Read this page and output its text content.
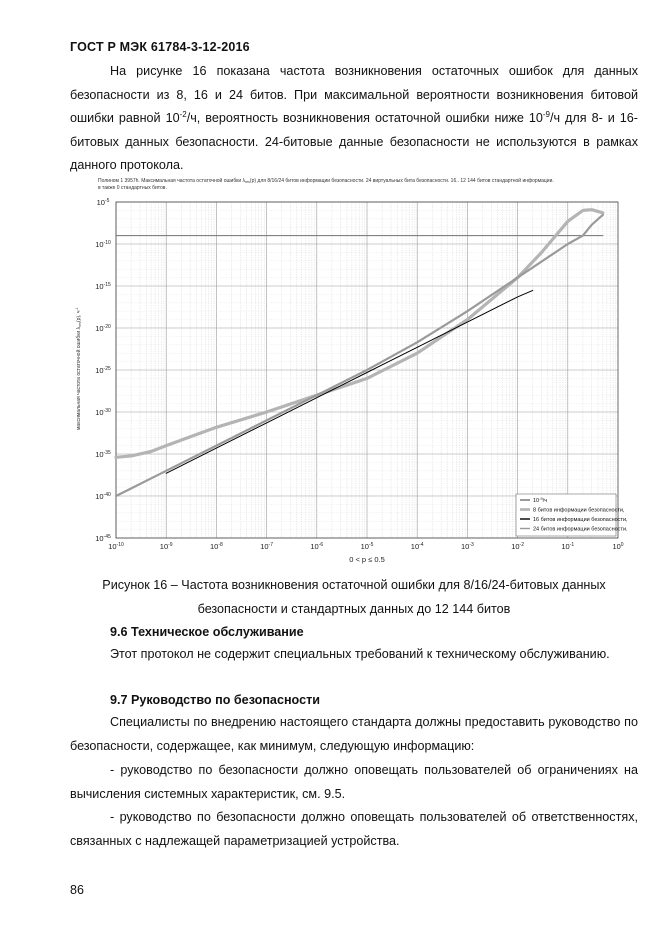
ГОСТ Р МЭК 61784-3-12-2016

На рисунке 16 показана частота возникновения остаточных ошибок для данных безопасности из 8, 16 и 24 битов. При максимальной вероятности возникновения битовой ошибки равной $10^{-2}/ч$, вероятность возникновения остаточной ошибки ниже $10^{-9}/ч$ для 8- и 16-битовых данных безопасности. 24-битовые данные безопасности не используются в рамках данного протокола.

Полином 1 3957h. Максимальная частота остаточной ошибки $\lambda_{res}(p)$ для 8/16/24 битов информации безопасности. 24 виртуальных бита безопасности. 16.. 12 144 битов стандартной информации.
в также 0 стандартных битов.
$10^{-10}$	$10^{-9}$	$10^{-8}$	$10^{-7}$	$10^{-6}$	$10^{-5}$	$10^{-4}$	$10^{-3}$	$10^{-2}$	$10^{-1}$	$10^0$
$10^{-5}$
$10^{-10}$
$10^{-15}$
$10^{-20}$
$10^{-25}$
$10^{-30}$
$10^{-35}$
$10^{-40}$
$10^{-45}$
максимальная частота остаточной ошибки $\lambda_{res}(p)$, $ч^{-1}$
0 < p ≤ 0.5
$10^{-9}/ч$
8 битов информации безопасности,
16 битов информации безопасности,
24 битов информации безопасности.

Рисунок 16 – Частота возникновения остаточной ошибки для 8/16/24-битовых данных
безопасности и стандартных данных до 12 144 битов

9.6 Техническое обслуживание

Этот протокол не содержит специальных требований к техническому обслуживанию.

9.7 Руководство по безопасности

Специалисты по внедрению настоящего стандарта должны предоставить руководство по безопасности, содержащее, как минимум, следующую информацию:

- руководство по безопасности должно оповещать пользователей об ограничениях на вычисления системных характеристик, см. 9.5.

- руководство по безопасности должно оповещать пользователей об ответственностях, связанных с надлежащей параметризацией устройства.

86
